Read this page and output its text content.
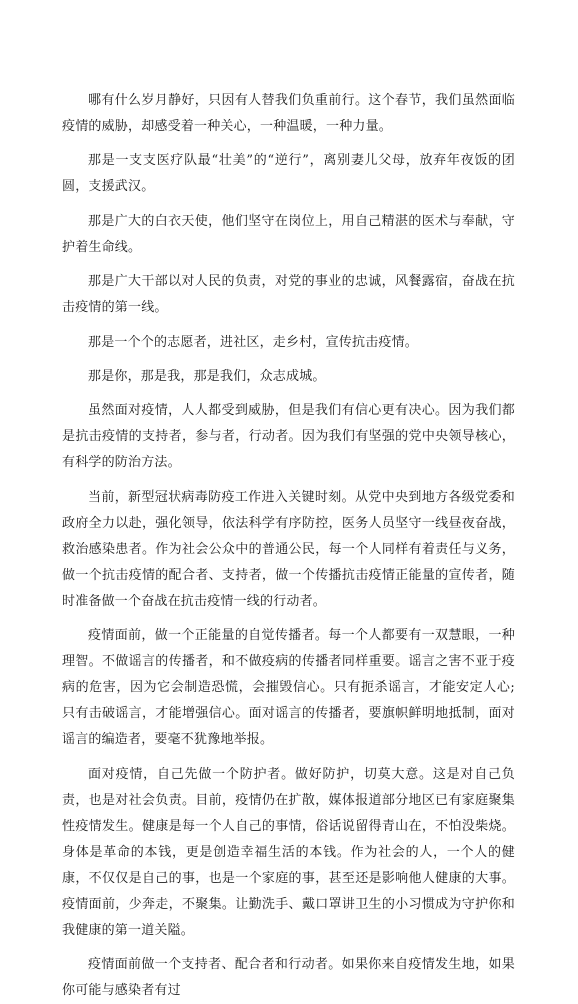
哪有什么岁月静好，只因有人替我们负重前行。这个春节，我们虽然面临疫情的威胁，却感受着一种关心，一种温暖，一种力量。

那是一支支医疗队最“壮美”的“逆行”，离别妻儿父母，放弃年夜饭的团圆，支援武汉。

那是广大的白衣天使，他们坚守在岗位上，用自己精湛的医术与奉献，守护着生命线。

那是广大干部以对人民的负责，对党的事业的忠诚，风餐露宿，奋战在抗击疫情的第一线。

那是一个个的志愿者，进社区，走乡村，宣传抗击疫情。

那是你，那是我，那是我们，众志成城。

虽然面对疫情，人人都受到威胁，但是我们有信心更有决心。因为我们都是抗击疫情的支持者，参与者，行动者。因为我们有坚强的党中央领导核心，有科学的防治方法。

当前，新型冠状病毒防疫工作进入关键时刻。从党中央到地方各级党委和政府全力以赴，强化领导，依法科学有序防控，医务人员坚守一线昼夜奋战，救治感染患者。作为社会公众中的普通公民，每一个人同样有着责任与义务，做一个抗击疫情的配合者、支持者，做一个传播抗击疫情正能量的宣传者，随时准备做一个奋战在抗击疫情一线的行动者。

疫情面前，做一个正能量的自觉传播者。每一个人都要有一双慧眼，一种理智。不做谣言的传播者，和不做疫病的传播者同样重要。谣言之害不亚于疫病的危害，因为它会制造恐慌，会摧毁信心。只有扼杀谣言，才能安定人心;只有击破谣言，才能增强信心。面对谣言的传播者，要旗帜鲜明地抵制，面对谣言的编造者，要毫不犹豫地举报。

面对疫情，自己先做一个防护者。做好防护，切莫大意。这是对自己负责，也是对社会负责。目前，疫情仍在扩散，媒体报道部分地区已有家庭聚集性疫情发生。健康是每一个人自己的事情，俗话说留得青山在，不怕没柴烧。身体是革命的本钱，更是创造幸福生活的本钱。作为社会的人，一个人的健康，不仅仅是自己的事，也是一个家庭的事，甚至还是影响他人健康的大事。疫情面前，少奔走，不聚集。让勤洗手、戴口罩讲卫生的小习惯成为守护你和我健康的第一道关隘。

疫情面前做一个支持者、配合者和行动者。如果你来自疫情发生地，如果你可能与感染者有过
